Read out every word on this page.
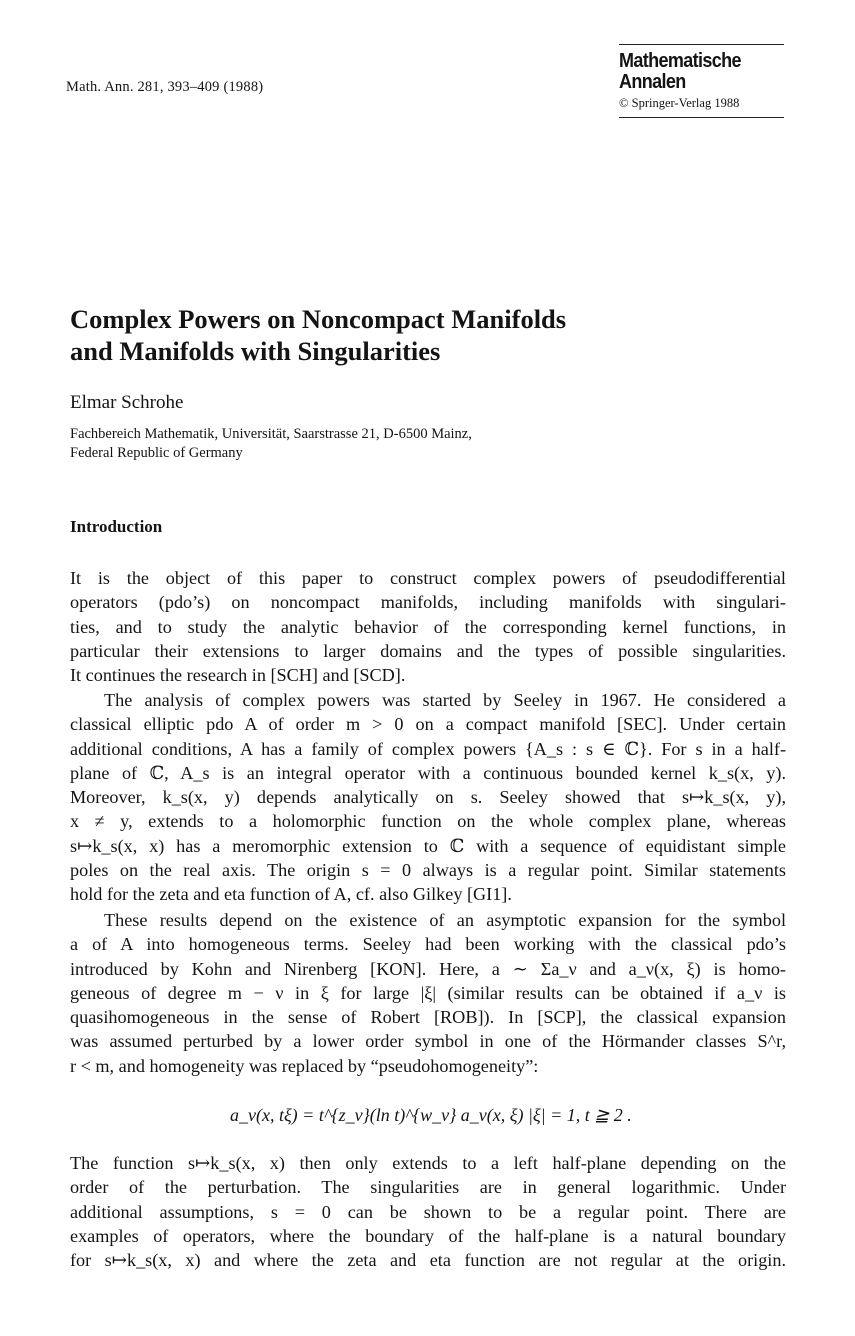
Math. Ann. 281, 393–409 (1988)
Mathematische
Annalen
© Springer-Verlag 1988
Complex Powers on Noncompact Manifolds
and Manifolds with Singularities
Elmar Schrohe
Fachbereich Mathematik, Universität, Saarstrasse 21, D-6500 Mainz,
Federal Republic of Germany
Introduction
It is the object of this paper to construct complex powers of pseudodifferential
operators (pdo’s) on noncompact manifolds, including manifolds with singulari-
ties, and to study the analytic behavior of the corresponding kernel functions, in
particular their extensions to larger domains and the types of possible singularities.
It continues the research in [SCH] and [SCD].
The analysis of complex powers was started by Seeley in 1967. He considered a
classical elliptic pdo A of order m > 0 on a compact manifold [SEC]. Under certain
additional conditions, A has a family of complex powers {A_s : s ∈ ℂ}. For s in a half-
plane of ℂ, A_s is an integral operator with a continuous bounded kernel k_s(x, y).
Moreover, k_s(x, y) depends analytically on s. Seeley showed that s↦k_s(x, y),
x ≠ y, extends to a holomorphic function on the whole complex plane, whereas
s↦k_s(x, x) has a meromorphic extension to ℂ with a sequence of equidistant simple
poles on the real axis. The origin s = 0 always is a regular point. Similar statements
hold for the zeta and eta function of A, cf. also Gilkey [GI1].
These results depend on the existence of an asymptotic expansion for the symbol
a of A into homogeneous terms. Seeley had been working with the classical pdo’s
introduced by Kohn and Nirenberg [KON]. Here, a ∼ Σa_ν and a_ν(x, ξ) is homo-
geneous of degree m − ν in ξ for large |ξ| (similar results can be obtained if a_ν is
quasihomogeneous in the sense of Robert [ROB]). In [SCP], the classical expansion
was assumed perturbed by a lower order symbol in one of the Hörmander classes S^r,
r < m, and homogeneity was replaced by “pseudohomogeneity”:
a_ν(x, tξ) = t^{z_ν}(ln t)^{w_ν} a_ν(x, ξ) |ξ| = 1, t ≧ 2 .
The function s↦k_s(x, x) then only extends to a left half-plane depending on the
order of the perturbation. The singularities are in general logarithmic. Under
additional assumptions, s = 0 can be shown to be a regular point. There are
examples of operators, where the boundary of the half-plane is a natural boundary
for s↦k_s(x, x) and where the zeta and eta function are not regular at the origin.
